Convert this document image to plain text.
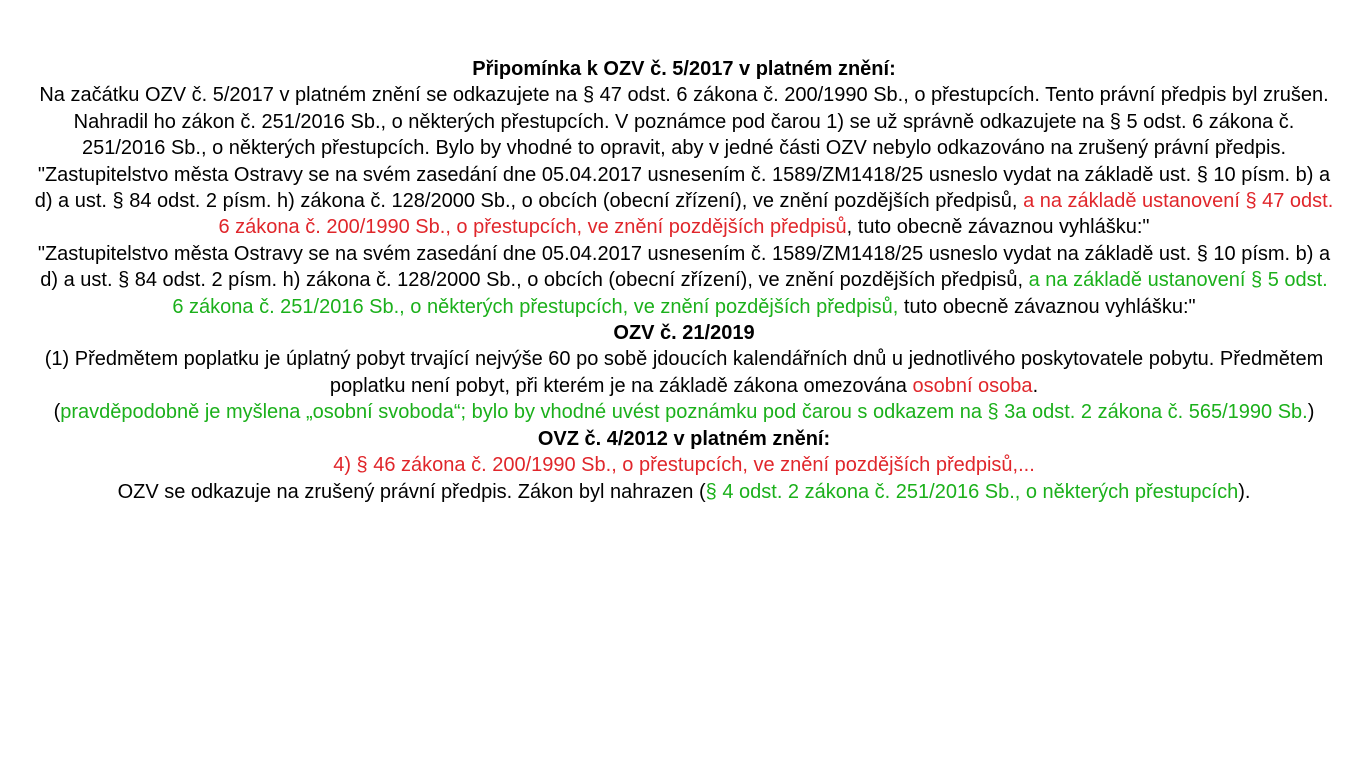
Připomínka k OZV č. 5/2017 v platném znění:

Na začátku OZV č. 5/2017 v platném znění se odkazujete na § 47 odst. 6 zákona č. 200/1990 Sb., o přestupcích. Tento právní předpis byl zrušen. Nahradil ho zákon č. 251/2016 Sb., o některých přestupcích. V poznámce pod čarou 1) se už správně odkazujete na § 5 odst. 6 zákona č. 251/2016 Sb., o některých přestupcích. Bylo by vhodné to opravit, aby v jedné části OZV nebylo odkazováno na zrušený právní předpis.

"Zastupitelstvo města Ostravy se na svém zasedání dne 05.04.2017 usnesením č. 1589/ZM1418/25 usneslo vydat na základě ust. § 10 písm. b) a d) a ust. § 84 odst. 2 písm. h) zákona č. 128/2000 Sb., o obcích (obecní zřízení), ve znění pozdějších předpisů, a na základě ustanovení § 47 odst. 6 zákona č. 200/1990 Sb., o přestupcích, ve znění pozdějších předpisů, tuto obecně závaznou vyhlášku:"

"Zastupitelstvo města Ostravy se na svém zasedání dne 05.04.2017 usnesením č. 1589/ZM1418/25 usneslo vydat na základě ust. § 10 písm. b) a d) a ust. § 84 odst. 2 písm. h) zákona č. 128/2000 Sb., o obcích (obecní zřízení), ve znění pozdějších předpisů, a na základě ustanovení § 5 odst. 6 zákona č. 251/2016 Sb., o některých přestupcích, ve znění pozdějších předpisů, tuto obecně závaznou vyhlášku:"

OZV č. 21/2019

(1) Předmětem poplatku je úplatný pobyt trvající nejvýše 60 po sobě jdoucích kalendářních dnů u jednotlivého poskytovatele pobytu. Předmětem poplatku není pobyt, při kterém je na základě zákona omezována osobní osoba.

(pravděpodobně je myšlena „osobní svoboda“; bylo by vhodné uvést poznámku pod čarou s odkazem na § 3a odst. 2 zákona č. 565/1990 Sb.)

OVZ č. 4/2012 v platném znění:

4) § 46 zákona č. 200/1990 Sb., o přestupcích, ve znění pozdějších předpisů,...

OZV se odkazuje na zrušený právní předpis. Zákon byl nahrazen (§ 4 odst. 2 zákona č. 251/2016 Sb., o některých přestupcích).
